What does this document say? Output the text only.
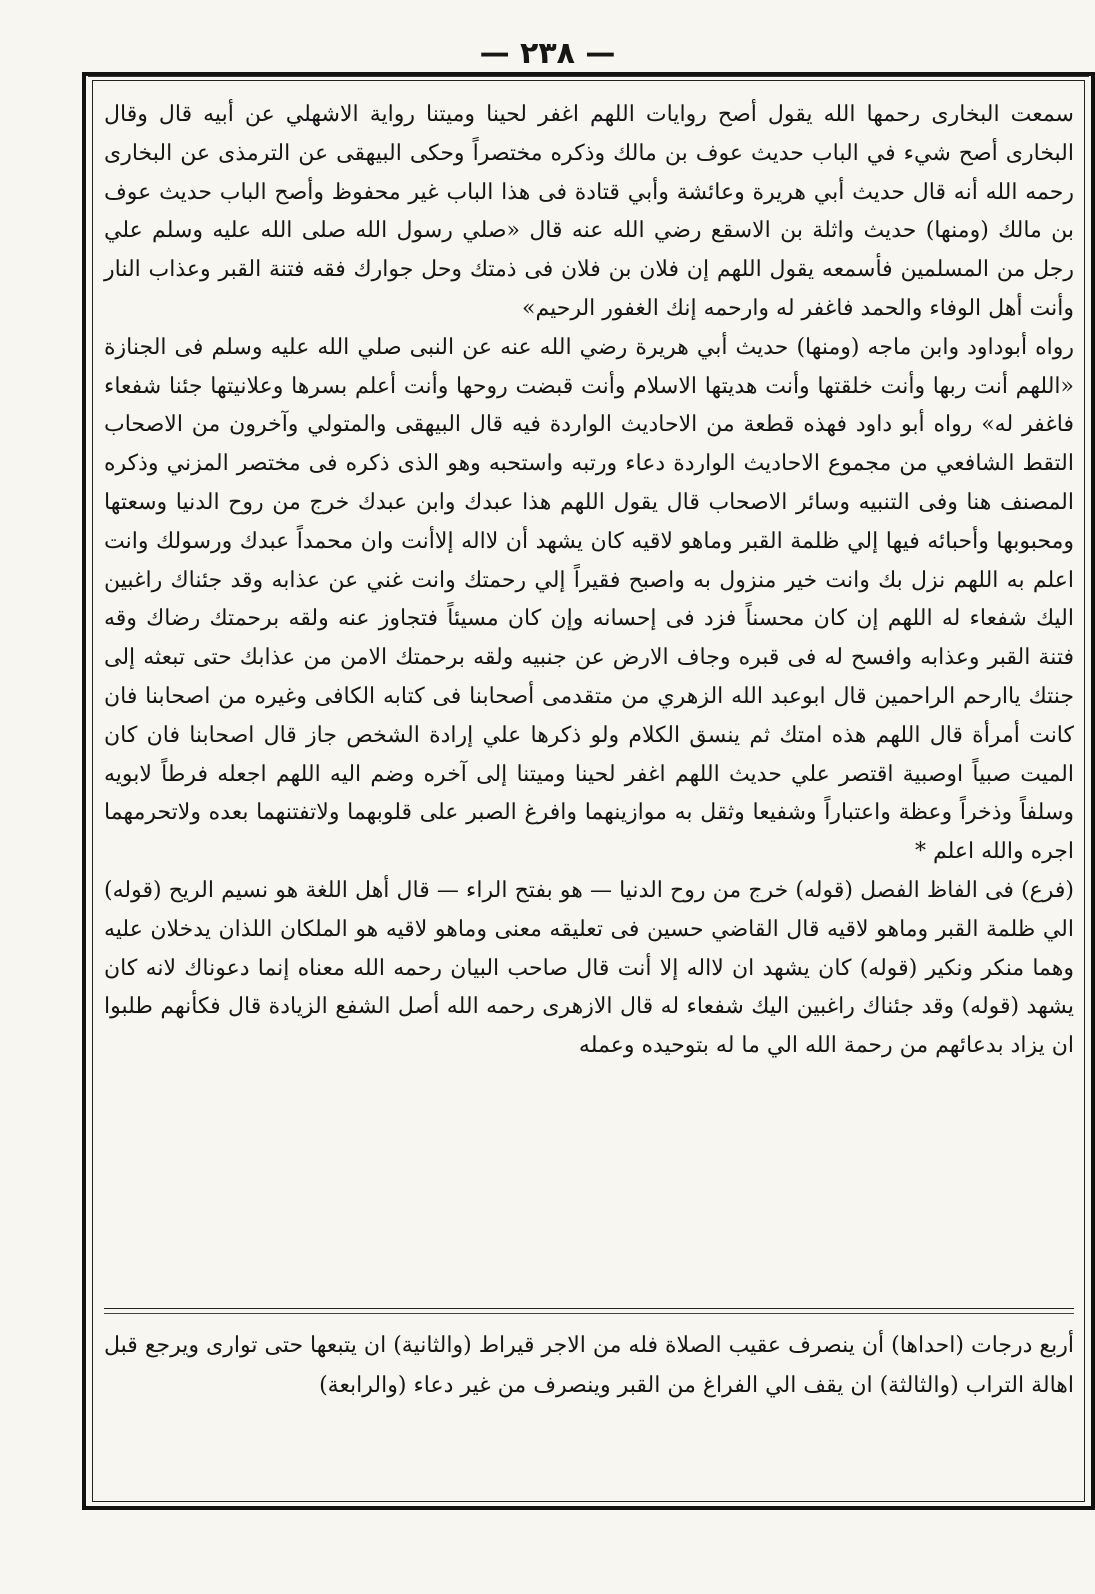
— ٢٣٨ —

سمعت البخاری رحمها الله يقول أصح روايات اللهم اغفر لحينا وميتنا رواية الاشهلي عن أبيه قال وقال البخاری أصح شيء في الباب حديث عوف بن مالك وذكره مختصراً وحكى البيهقی عن الترمذی عن البخاری رحمه الله أنه قال حديث أبي هريرة وعائشة وأبي قتادة فی هذا الباب غير محفوظ وأصح الباب حديث عوف بن مالك (ومنها) حديث واثلة بن الاسقع رضي الله عنه قال «صلي رسول الله صلى الله عليه وسلم علي رجل من المسلمين فأسمعه يقول اللهم إن فلان بن فلان فی ذمتك وحل جوارك فقه فتنة القبر وعذاب النار وأنت أهل الوفاء والحمد فاغفر له وارحمه إنك الغفور الرحيم»

رواه أبوداود وابن ماجه (ومنها) حديث أبي هريرة رضي الله عنه عن النبی صلي الله عليه وسلم فی الجنازة «اللهم أنت ربها وأنت خلقتها وأنت هديتها الاسلام وأنت قبضت روحها وأنت أعلم بسرها وعلانيتها جئنا شفعاء فاغفر له» رواه أبو داود فهذه قطعة من الاحاديث الواردة فيه قال البيهقی والمتولي وآخرون من الاصحاب التقط الشافعي من مجموع الاحاديث الواردة دعاء ورتبه واستحبه وهو الذی ذكره فی مختصر المزني وذكره المصنف هنا وفی التنبيه وسائر الاصحاب قال يقول اللهم هذا عبدك وابن عبدك خرج من روح الدنيا وسعتها ومحبوبها وأحبائه فيها إلي ظلمة القبر وماهو لاقيه كان يشهد أن لااله إلاأنت وان محمداً عبدك ورسولك وانت اعلم به اللهم نزل بك وانت خير منزول به واصبح فقيراً إلي رحمتك وانت غني عن عذابه وقد جئناك راغبين اليك شفعاء له اللهم إن كان محسناً فزد فی إحسانه وإن كان مسيئاً فتجاوز عنه ولقه برحمتك رضاك وقه فتنة القبر وعذابه وافسح له فی قبره وجاف الارض عن جنبيه ولقه برحمتك الامن من عذابك حتی تبعثه إلی جنتك ياارحم الراحمين قال ابوعبد الله الزهري من متقدمی أصحابنا فی كتابه الكافی وغيره من اصحابنا فان كانت أمرأة قال اللهم هذه امتك ثم ينسق الكلام ولو ذكرها علي إرادة الشخص جاز قال اصحابنا فان كان الميت صبياً اوصبية اقتصر علي حديث اللهم اغفر لحينا وميتنا إلی آخره وضم اليه اللهم اجعله فرطاً لابويه وسلفاً وذخراً وعظة واعتباراً وشفيعا وثقل به موازينهما وافرغ الصبر علی قلوبهما ولاتفتنهما بعده ولاتحرمهما اجره والله اعلم *

(فرع) فی الفاظ الفصل (قوله) خرج من روح الدنيا — هو بفتح الراء — قال أهل اللغة هو نسيم الريح (قوله) الي ظلمة القبر وماهو لاقيه قال القاضي حسين فی تعليقه معنی وماهو لاقيه هو الملكان اللذان يدخلان عليه وهما منكر ونكير (قوله) كان يشهد ان لااله إلا أنت قال صاحب البيان رحمه الله معناه إنما دعوناك لانه كان يشهد (قوله) وقد جئناك راغبين اليك شفعاء له قال الازهری رحمه الله أصل الشفع الزيادة قال فكأنهم طلبوا ان يزاد بدعائهم من رحمة الله الي ما له بتوحيده وعمله

أربع درجات (احداها) أن ينصرف عقيب الصلاة فله من الاجر قيراط (والثانية) ان يتبعها حتی تواری ويرجع قبل اهالة التراب (والثالثة) ان يقف الي الفراغ من القبر وينصرف من غير دعاء (والرابعة)
